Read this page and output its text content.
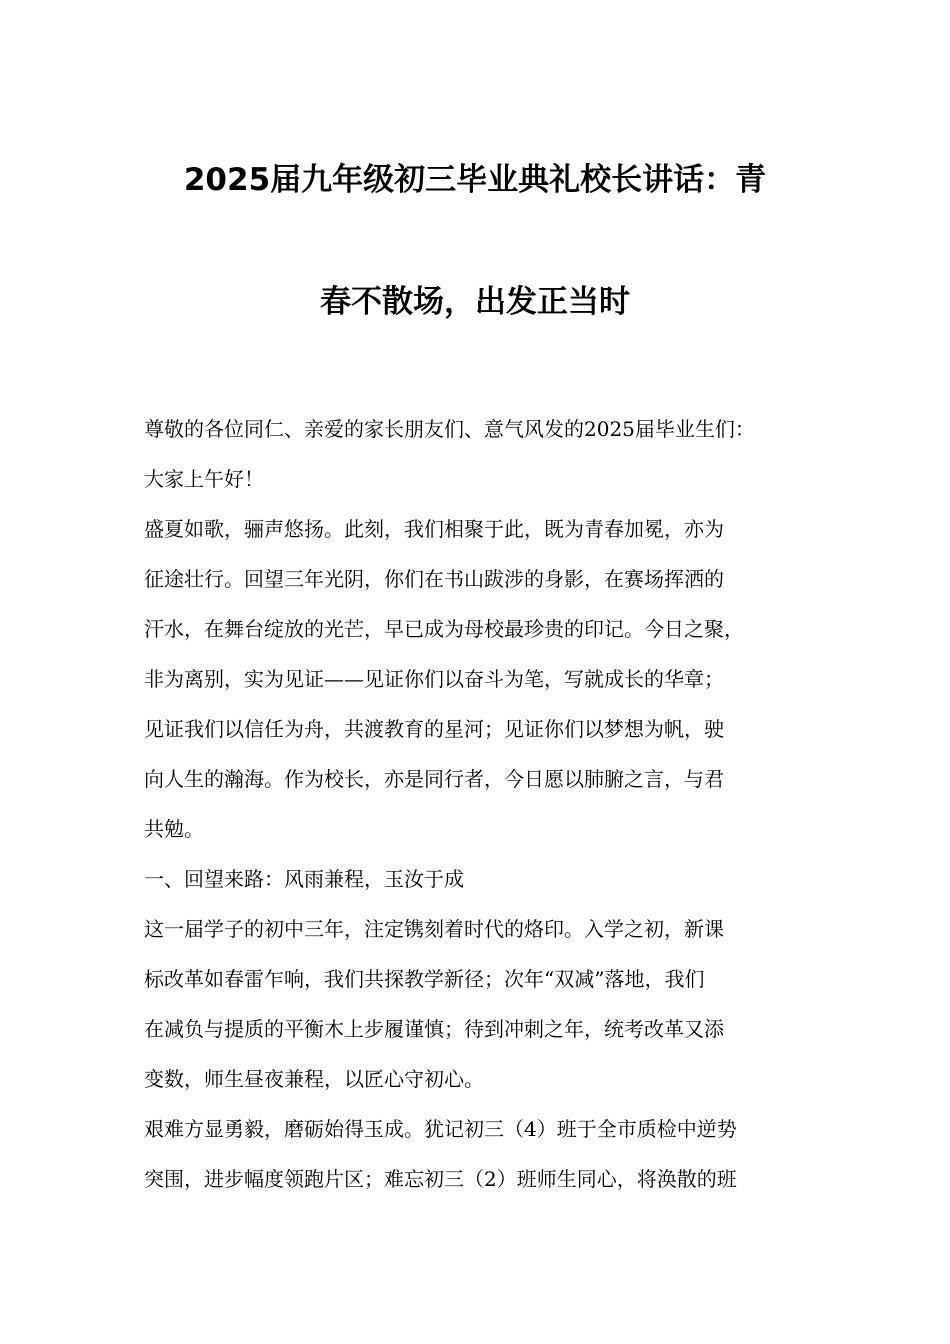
2025届九年级初三毕业典礼校长讲话：青
春不散场，出发正当时
尊敬的各位同仁、亲爱的家长朋友们、意气风发的2025届毕业生们：
大家上午好！
盛夏如歌，骊声悠扬。此刻，我们相聚于此，既为青春加冕，亦为
征途壮行。回望三年光阴，你们在书山跋涉的身影，在赛场挥洒的
汗水，在舞台绽放的光芒，早已成为母校最珍贵的印记。今日之聚，
非为离别，实为见证——见证你们以奋斗为笔，写就成长的华章；
见证我们以信任为舟，共渡教育的星河；见证你们以梦想为帆，驶
向人生的瀚海。作为校长，亦是同行者，今日愿以肺腑之言，与君
共勉。
一、回望来路：风雨兼程，玉汝于成
这一届学子的初中三年，注定镌刻着时代的烙印。入学之初，新课
标改革如春雷乍响，我们共探教学新径；次年“双减”落地，我们
在减负与提质的平衡木上步履谨慎；待到冲刺之年，统考改革又添
变数，师生昼夜兼程，以匠心守初心。
艰难方显勇毅，磨砺始得玉成。犹记初三（4）班于全市质检中逆势
突围，进步幅度领跑片区；难忘初三（2）班师生同心，将涣散的班
